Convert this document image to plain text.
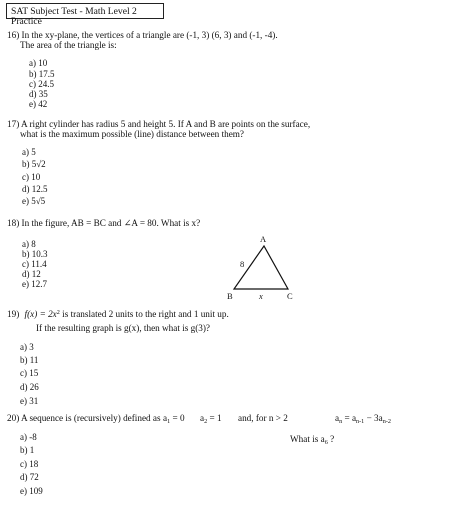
SAT Subject Test - Math Level 2 Practice
16) In the xy-plane, the vertices of a triangle are (-1, 3) (6, 3) and (-1, -4).
The area of the triangle is:
a) 10
b) 17.5
c) 24.5
d) 35
e) 42
17) A right cylinder has radius 5 and height 5. If A and B are points on the surface,
what is the maximum possible (line) distance between them?
a) 5
b) 5√2
c) 10
d) 12.5
e) 5√5
18) In the figure, AB = BC and ∠A = 80. What is x?
a) 8
b) 10.3
c) 11.4
d) 12
e) 12.7
A
B	C
8
x
19) $f(x) = 2x^2$ is translated 2 units to the right and 1 unit up.
If the resulting graph is g(x), then what is g(3)?
a) 3
b) 11
c) 15
d) 26
e) 31
20) A sequence is (recursively) defined as $a_1 = 0$ $a_2 = 1$ and, for n > 2	$a_n = a_{n-1} - 3a_{n-2}$
What is $a_6$ ?
a) -8
b) 1
c) 18
d) 72
e) 109
